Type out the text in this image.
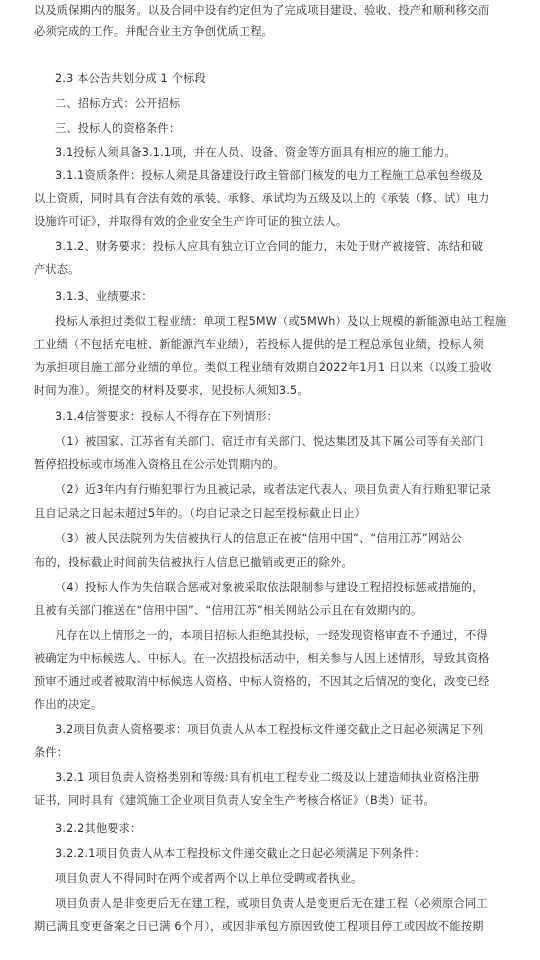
以及质保期内的服务。以及合同中设有约定但为了完成项目建设、验收、投产和顺利移交而
必须完成的工作。并配合业主方争创优质工程。
2.3 本公告共划分成 1 个标段
二、招标方式：公开招标
三、投标人的资格条件：
3.1投标人须具备3.1.1项，并在人员、设备、资金等方面具有相应的施工能力。
3.1.1资质条件：投标人须是具备建设行政主管部门核发的电力工程施工总承包叁级及
以上资质，同时具有合法有效的承装、承修、承试均为五级及以上的《承装（修、试）电力
设施许可证》，并取得有效的企业安全生产许可证的独立法人。
3.1.2、财务要求：投标人应具有独立订立合同的能力，未处于财产被接管、冻结和破
产状态。
3.1.3、业绩要求：
投标人承担过类似工程业绩：单项工程5MW（或5MWh）及以上规模的新能源电站工程施
工业绩（不包括充电桩、新能源汽车业绩），若投标人提供的是工程总承包业绩，投标人须
为承担项目施工部分业绩的单位。类似工程业绩有效期自2022年1月1 日以来（以竣工验收
时间为准）。须提交的材料及要求，见投标人须知3.5。
3.1.4信誉要求：投标人不得存在下列情形：
（1）被国家、江苏省有关部门、宿迁市有关部门、悦达集团及其下属公司等有关部门
暂停招投标或市场准入资格且在公示处罚期内的。
（2）近3年内有行贿犯罪行为且被记录，或者法定代表人、项目负责人有行贿犯罪记录
且自记录之日起未超过5年的。（均自记录之日起至投标截止日止）
（3）被人民法院列为失信被执行人的信息正在被“信用中国”、“信用江苏”网站公
布的，投标截止时间前失信被执行人信息已撤销或更正的除外。
（4）投标人作为失信联合惩戒对象被采取依法限制参与建设工程招投标惩戒措施的，
且被有关部门推送在“信用中国”、“信用江苏”相关网站公示且在有效期内的。
凡存在以上情形之一的，本项目招标人拒绝其投标，一经发现资格审查不予通过，不得
被确定为中标候选人、中标人。在一次招投标活动中，相关参与人因上述情形，导致其资格
预审不通过或者被取消中标候选人资格、中标人资格的，不因其之后情况的变化，改变已经
作出的决定。
3.2项目负责人资格要求：项目负责人从本工程投标文件递交截止之日起必须满足下列
条件：
3.2.1 项目负责人资格类别和等级:具有机电工程专业二级及以上建造师执业资格注册
证书，同时具有《建筑施工企业项目负责人安全生产考核合格证》（B类）证书。
3.2.2其他要求：
3.2.2.1项目负责人从本工程投标文件递交截止之日起必须满足下列条件：
项目负责人不得同时在两个或者两个以上单位受聘或者执业。
项目负责人是非变更后无在建工程，或项目负责人是变更后无在建工程（必须原合同工
期已满且变更备案之日已满 6个月），或因非承包方原因致使工程项目停工或因故不能按期
